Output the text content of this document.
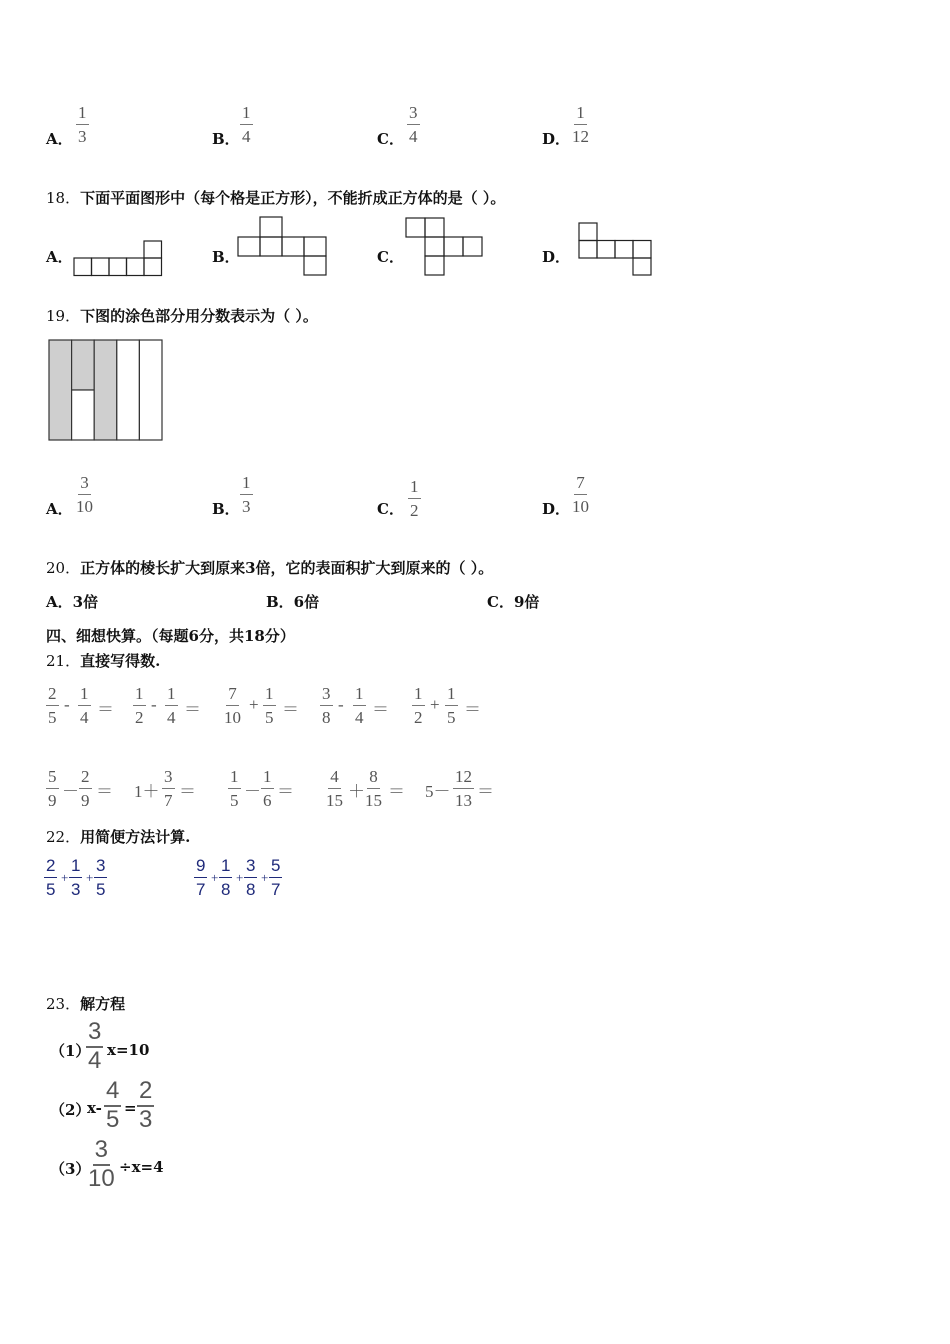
A． $\frac{1}{3}$	B． $\frac{1}{4}$	C． $\frac{3}{4}$	D． $\frac{1}{12}$
18．下面平面图形中（每个格是正方形），不能折成正方体的是（ ）。
A．	B．	C．	D．
19．下图的涂色部分用分数表示为（ ）。
A． $\frac{3}{10}$	B． $\frac{1}{3}$	C． $\frac{1}{2}$	D． $\frac{7}{10}$
20．正方体的棱长扩大到原来3倍，它的表面积扩大到原来的（ ）。
A．3倍	B．6倍	C．9倍
四、细想快算。（每题6分，共18分）
21．直接写得数.
$\frac{2}{5} - \frac{1}{4} = \frac{1}{2} - \frac{1}{4} = \frac{7}{10} + \frac{1}{5} = \frac{3}{8} - \frac{1}{4} = \frac{1}{2} + \frac{1}{5}$ ＝
$\frac{5}{9} - \frac{2}{9} = 1+ \frac{3}{7} = \frac{1}{5} - \frac{1}{6} = \frac{4}{15} + \frac{8}{15} = 5- \frac{12}{13}$ ＝
22．用简便方法计算.
$\frac{2}{5} + \frac{1}{3} + \frac{3}{5}$	$\frac{9}{7} + \frac{1}{8} + \frac{3}{8} + \frac{5}{7}$
23．解方程
（1）
$\frac{3}{4} x=10$
（2）
$x- \frac{4}{5} = \frac{2}{3}$
（3）
$\frac{3}{10} \div x=4$
